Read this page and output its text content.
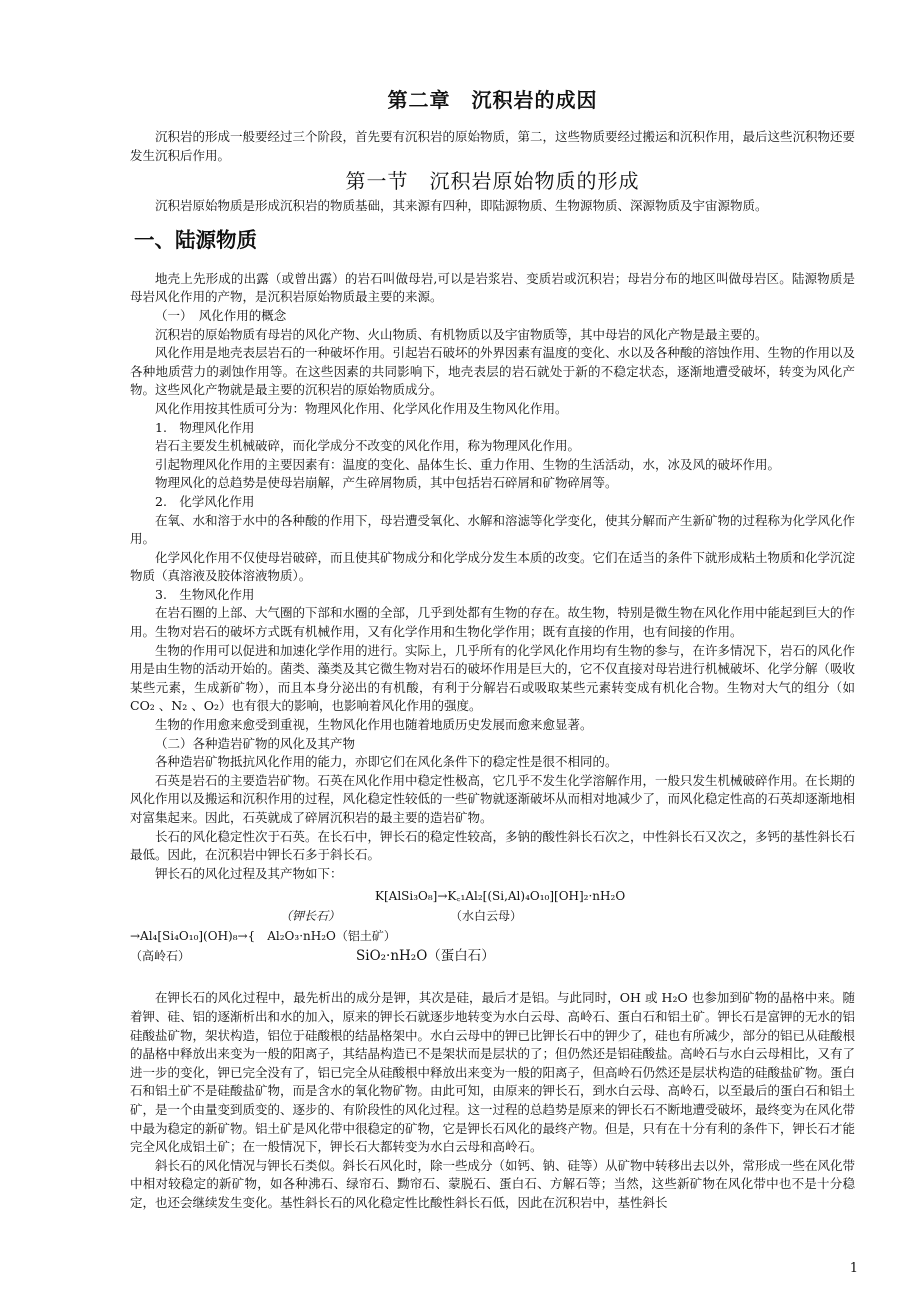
第二章　沉积岩的成因

沉积岩的形成一般要经过三个阶段，首先要有沉积岩的原始物质，第二，这些物质要经过搬运和沉积作用，最后这些沉积物还要发生沉积后作用。

第一节　沉积岩原始物质的形成

沉积岩原始物质是形成沉积岩的物质基础，其来源有四种，即陆源物质、生物源物质、深源物质及宇宙源物质。

一、陆源物质

地壳上先形成的出露（或曾出露）的岩石叫做母岩,可以是岩浆岩、变质岩或沉积岩；母岩分布的地区叫做母岩区。陆源物质是母岩风化作用的产物，是沉积岩原始物质最主要的来源。

（一）　风化作用的概念

沉积岩的原始物质有母岩的风化产物、火山物质、有机物质以及宇宙物质等，其中母岩的风化产物是最主要的。

风化作用是地壳表层岩石的一种破坏作用。引起岩石破坏的外界因素有温度的变化、水以及各种酸的溶蚀作用、生物的作用以及各种地质营力的剥蚀作用等。在这些因素的共同影响下，地壳表层的岩石就处于新的不稳定状态，逐渐地遭受破坏，转变为风化产物。这些风化产物就是最主要的沉积岩的原始物质成分。

风化作用按其性质可分为：物理风化作用、化学风化作用及生物风化作用。

1.　物理风化作用

岩石主要发生机械破碎，而化学成分不改变的风化作用，称为物理风化作用。

引起物理风化作用的主要因素有：温度的变化、晶体生长、重力作用、生物的生活活动，水，冰及风的破坏作用。

物理风化的总趋势是使母岩崩解，产生碎屑物质，其中包括岩石碎屑和矿物碎屑等。

2.　化学风化作用

在氧、水和溶于水中的各种酸的作用下，母岩遭受氧化、水解和溶滤等化学变化，使其分解而产生新矿物的过程称为化学风化作用。

化学风化作用不仅使母岩破碎，而且使其矿物成分和化学成分发生本质的改变。它们在适当的条件下就形成粘土物质和化学沉淀物质（真溶液及胶体溶液物质）。

3.　生物风化作用

在岩石圈的上部、大气圈的下部和水圈的全部，几乎到处都有生物的存在。故生物，特别是微生物在风化作用中能起到巨大的作用。生物对岩石的破坏方式既有机械作用，又有化学作用和生物化学作用；既有直接的作用，也有间接的作用。

生物的作用可以促进和加速化学作用的进行。实际上，几乎所有的化学风化作用均有生物的参与，在许多情况下，岩石的风化作用是由生物的活动开始的。菌类、藻类及其它微生物对岩石的破坏作用是巨大的，它不仅直接对母岩进行机械破坏、化学分解（吸收某些元素，生成新矿物），而且本身分泌出的有机酸，有利于分解岩石或吸取某些元素转变成有机化合物。生物对大气的组分（如 CO₂ 、N₂ 、O₂）也有很大的影响，也影响着风化作用的强度。

生物的作用愈来愈受到重视，生物风化作用也随着地质历史发展而愈来愈显著。

（二）各种造岩矿物的风化及其产物

各种造岩矿物抵抗风化作用的能力，亦即它们在风化条件下的稳定性是很不相同的。

石英是岩石的主要造岩矿物。石英在风化作用中稳定性极高，它几乎不发生化学溶解作用，一般只发生机械破碎作用。在长期的风化作用以及搬运和沉积作用的过程，风化稳定性较低的一些矿物就逐渐破坏从而相对地减少了，而风化稳定性高的石英却逐渐地相对富集起来。因此，石英就成了碎屑沉积岩的最主要的造岩矿物。

长石的风化稳定性次于石英。在长石中，钾长石的稳定性较高，多钠的酸性斜长石次之，中性斜长石又次之，多钙的基性斜长石最低。因此，在沉积岩中钾长石多于斜长石。

钾长石的风化过程及其产物如下：

K[AlSi₃O₈]→K꜀₁Al₂[(Si,Al)₄O₁₀][OH]₂·nH₂O
（钾长石）	（水白云母）
→Al₄[Si₄O₁₀](OH)₈→{　Al₂O₃·nH₂O（铝土矿）
（高岭石）	SiO₂·nH₂O（蛋白石）

在钾长石的风化过程中，最先析出的成分是钾，其次是硅，最后才是铝。与此同时，OH 或 H₂O 也参加到矿物的晶格中来。随着钾、硅、铝的逐渐析出和水的加入，原来的钾长石就逐步地转变为水白云母、高岭石、蛋白石和铝土矿。钾长石是富钾的无水的铝硅酸盐矿物，架状构造，铝位于硅酸根的结晶格架中。水白云母中的钾已比钾长石中的钾少了，硅也有所减少，部分的铝已从硅酸根的晶格中释放出来变为一般的阳离子，其结晶构造已不是架状而是层状的了；但仍然还是铝硅酸盐。高岭石与水白云母相比，又有了进一步的变化，钾已完全没有了，铝已完全从硅酸根中释放出来变为一般的阳离子，但高岭石仍然还是层状构造的硅酸盐矿物。蛋白石和铝土矿不是硅酸盐矿物，而是含水的氧化物矿物。由此可知，由原来的钾长石，到水白云母、高岭石，以至最后的蛋白石和铝土矿，是一个由量变到质变的、逐步的、有阶段性的风化过程。这一过程的总趋势是原来的钾长石不断地遭受破坏，最终变为在风化带中最为稳定的新矿物。铝土矿是风化带中很稳定的矿物，它是钾长石风化的最终产物。但是，只有在十分有利的条件下，钾长石才能完全风化成铝土矿；在一般情况下，钾长石大都转变为水白云母和高岭石。

斜长石的风化情况与钾长石类似。斜长石风化时，除一些成分（如钙、钠、硅等）从矿物中转移出去以外，常形成一些在风化带中相对较稳定的新矿物，如各种沸石、绿帘石、黝帘石、蒙脱石、蛋白石、方解石等；当然，这些新矿物在风化带中也不是十分稳定，也还会继续发生变化。基性斜长石的风化稳定性比酸性斜长石低，因此在沉积岩中，基性斜长

1
